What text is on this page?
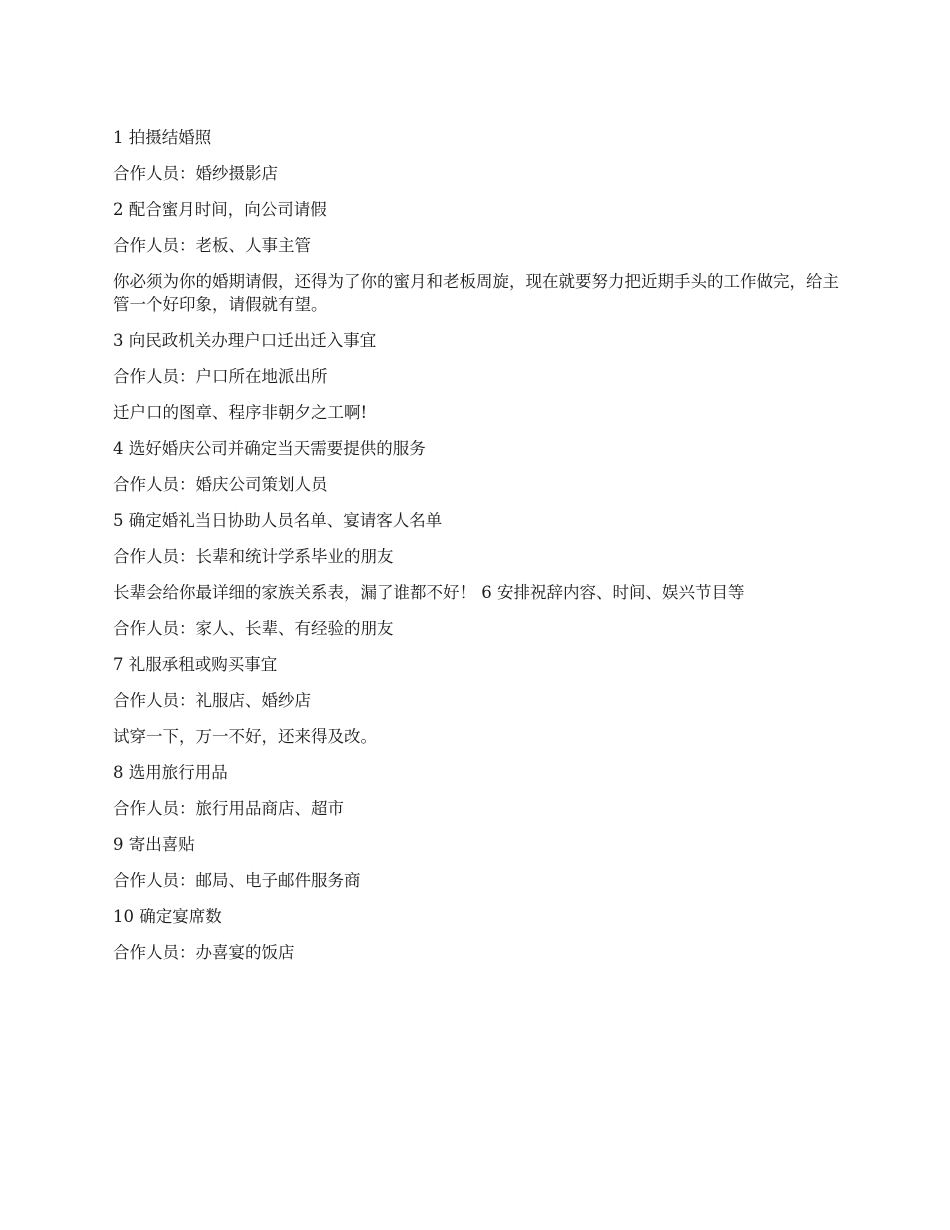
1 拍摄结婚照

合作人员：婚纱摄影店

2 配合蜜月时间，向公司请假

合作人员：老板、人事主管

你必须为你的婚期请假，还得为了你的蜜月和老板周旋，现在就要努力把近期手头的工作做完，给主管一个好印象，请假就有望。

3 向民政机关办理户口迁出迁入事宜

合作人员：户口所在地派出所

迁户口的图章、程序非朝夕之工啊!

4 选好婚庆公司并确定当天需要提供的服务

合作人员：婚庆公司策划人员

5 确定婚礼当日协助人员名单、宴请客人名单

合作人员：长辈和统计学系毕业的朋友

长辈会给你最详细的家族关系表，漏了谁都不好！ 6 安排祝辞内容、时间、娱兴节目等

合作人员：家人、长辈、有经验的朋友

7 礼服承租或购买事宜

合作人员：礼服店、婚纱店

试穿一下，万一不好，还来得及改。

8 选用旅行用品

合作人员：旅行用品商店、超市

9 寄出喜贴

合作人员：邮局、电子邮件服务商

10 确定宴席数

合作人员：办喜宴的饭店
